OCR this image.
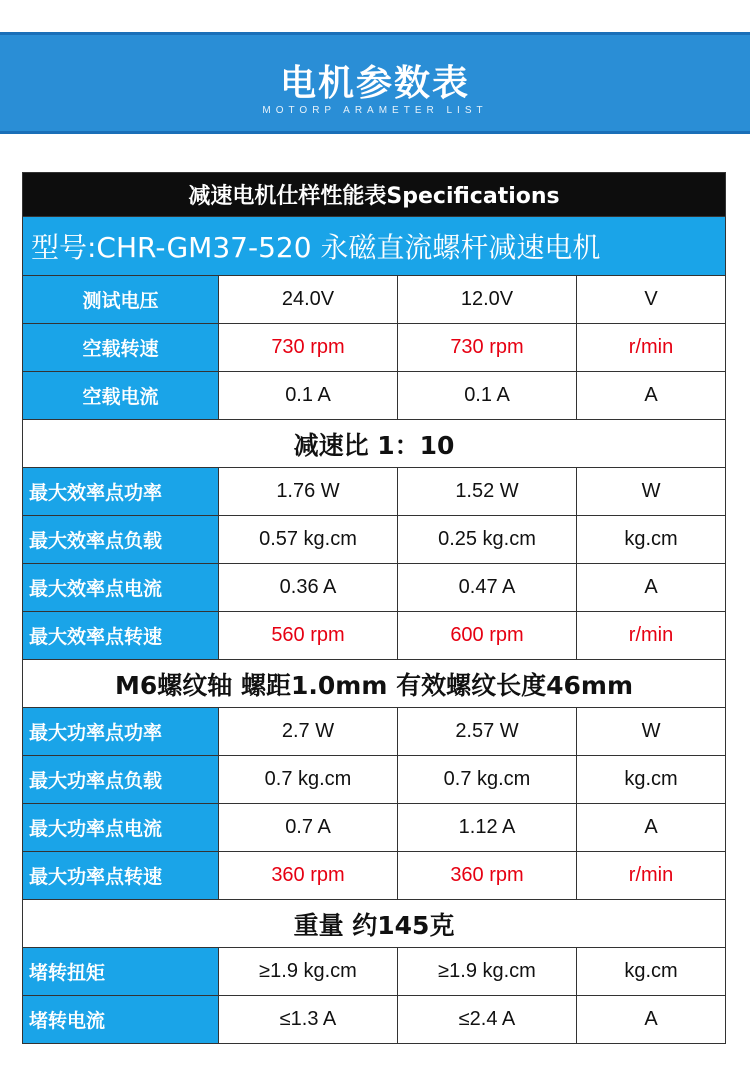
电机参数表
MOTORP ARAMETER LIST
减速电机仕样性能表Specifications			
型号:CHR-GM37-520 永磁直流螺杆减速电机			
测试电压	24.0V	12.0V	V
空载转速	730 rpm	730 rpm	r/min
空载电流	0.1 A	0.1 A	A
减速比 1：10			
最大效率点功率	1.76 W	1.52 W	W
最大效率点负载	0.57 kg.cm	0.25 kg.cm	kg.cm
最大效率点电流	0.36 A	0.47 A	A
最大效率点转速	560 rpm	600 rpm	r/min
M6螺纹轴 螺距1.0mm 有效螺纹长度46mm			
最大功率点功率	2.7 W	2.57 W	W
最大功率点负载	0.7 kg.cm	0.7 kg.cm	kg.cm
最大功率点电流	0.7 A	1.12 A	A
最大功率点转速	360 rpm	360 rpm	r/min
重量 约145克			
堵转扭矩	≥1.9 kg.cm	≥1.9 kg.cm	kg.cm
堵转电流	≤1.3 A	≤2.4 A	A
